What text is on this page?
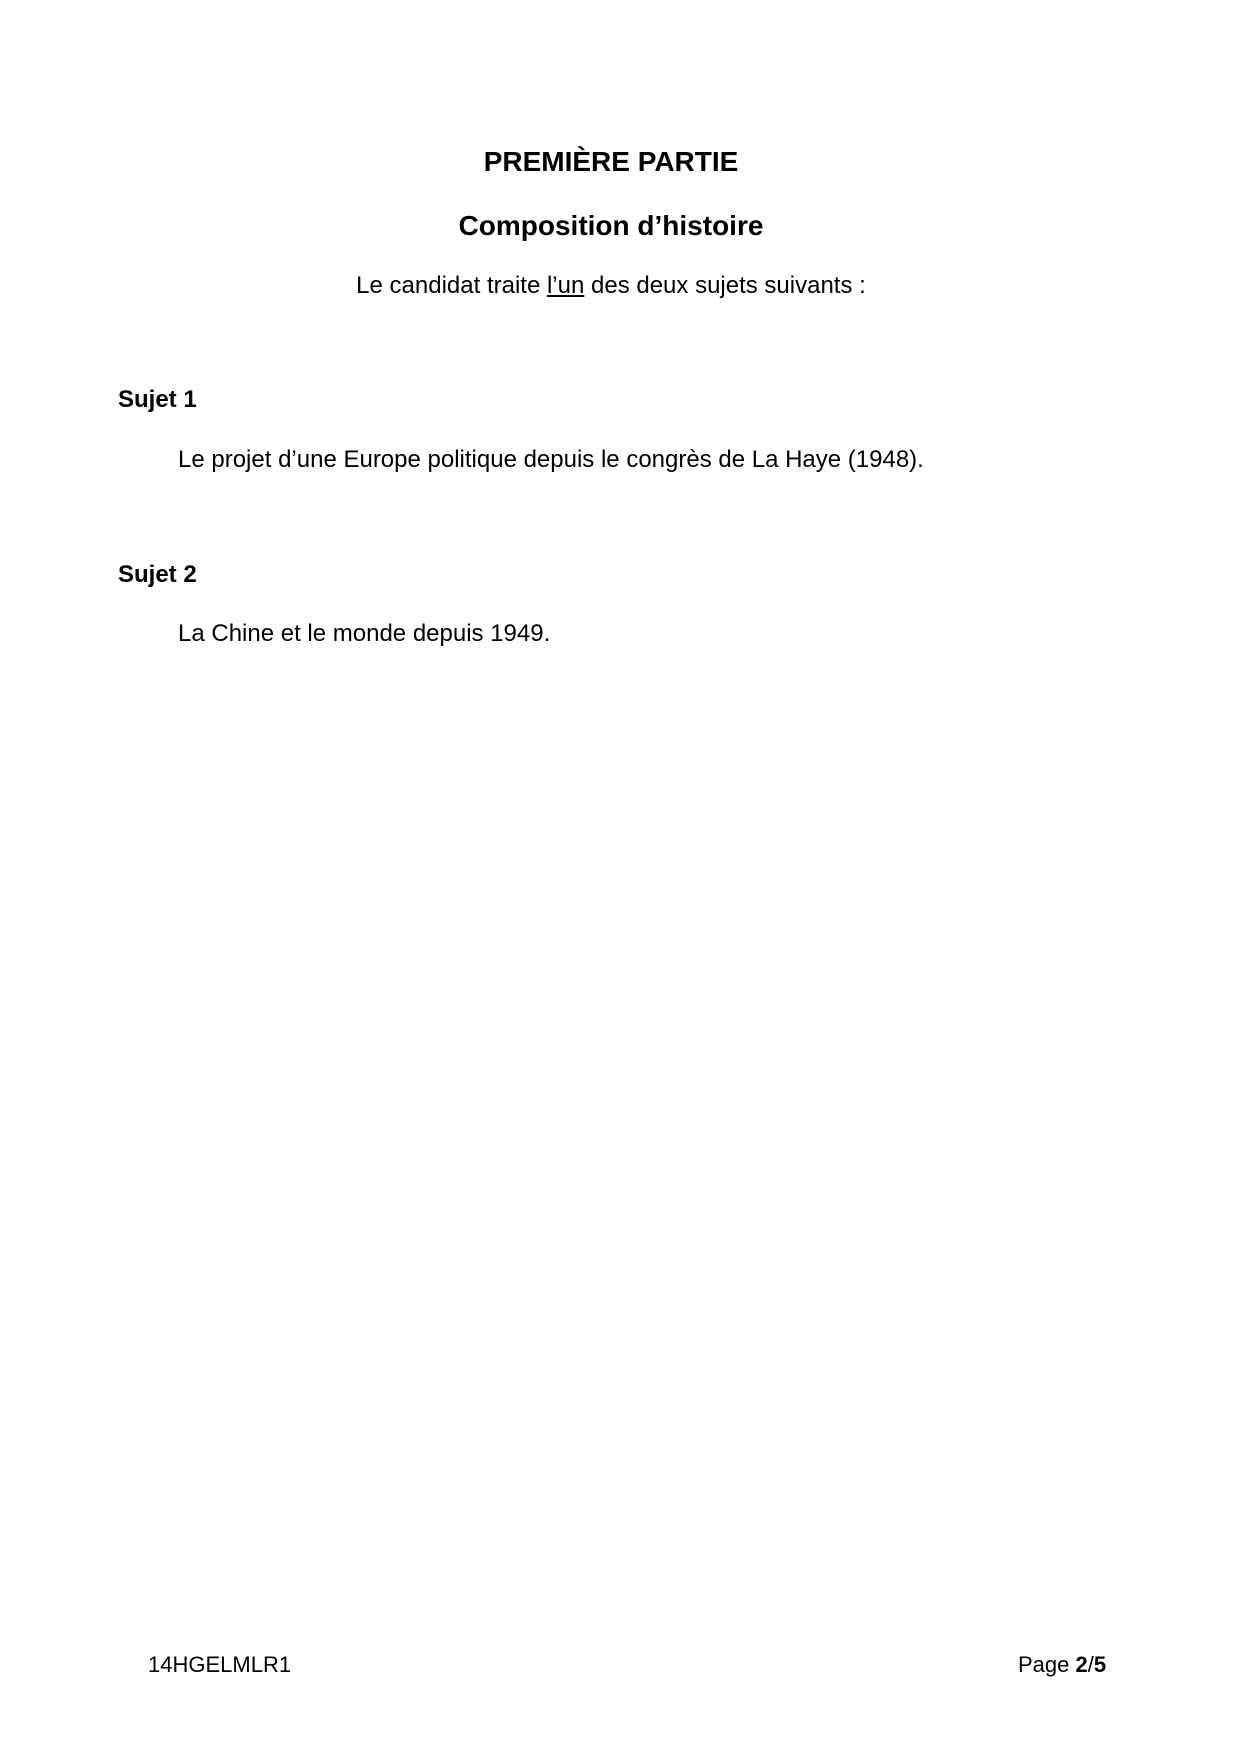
PREMIÈRE PARTIE
Composition d’histoire

Le candidat traite l’un des deux sujets suivants :

Sujet 1

Le projet d’une Europe politique depuis le congrès de La Haye (1948).

Sujet 2

La Chine et le monde depuis 1949.

14HGELMLR1	Page 2/5
